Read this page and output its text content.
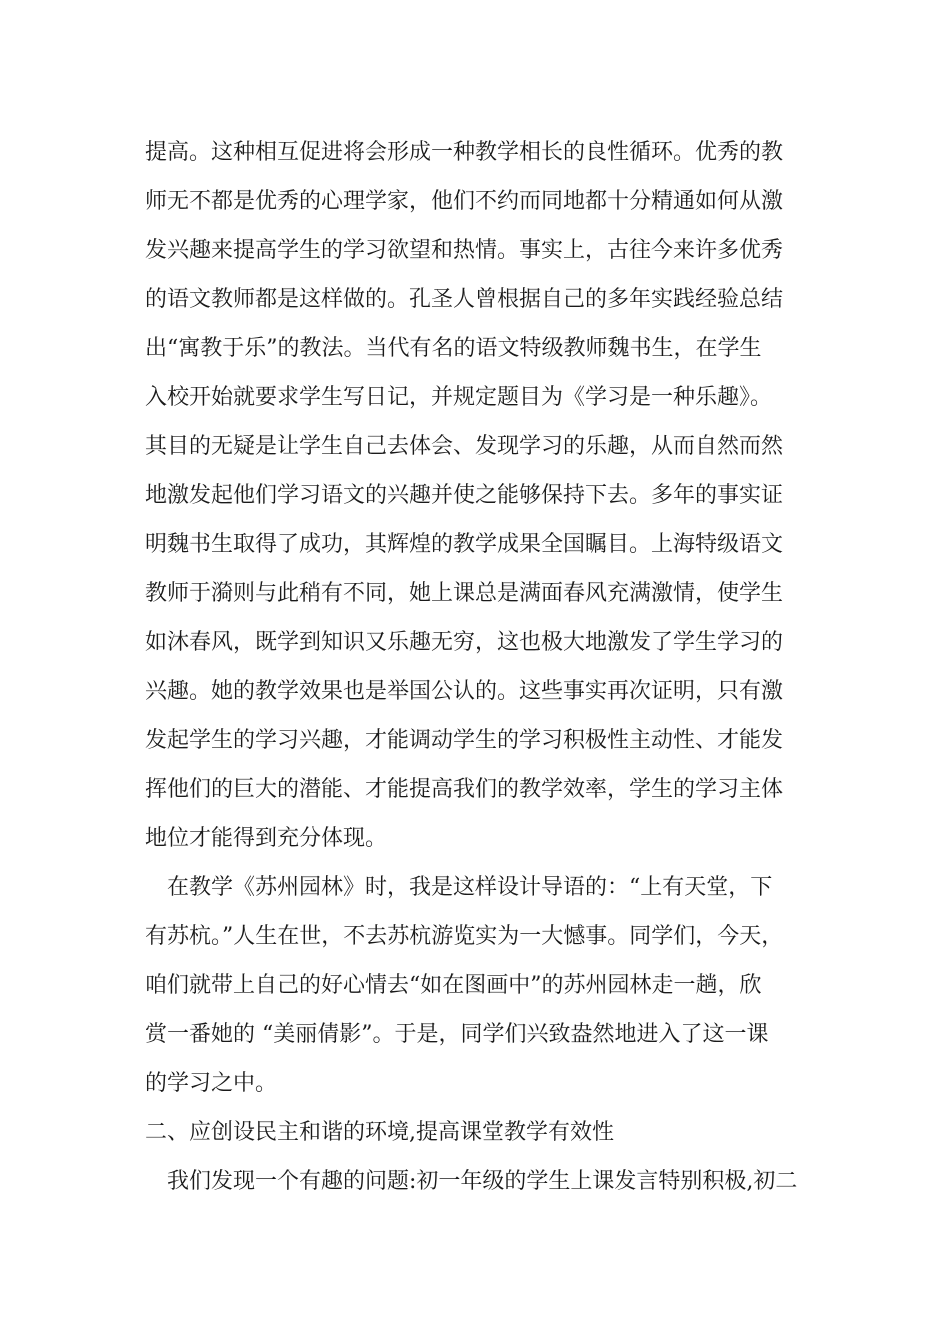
提高。这种相互促进将会形成一种教学相长的良性循环。优秀的教
师无不都是优秀的心理学家，他们不约而同地都十分精通如何从激
发兴趣来提高学生的学习欲望和热情。事实上，古往今来许多优秀
的语文教师都是这样做的。孔圣人曾根据自己的多年实践经验总结
出“寓教于乐”的教法。当代有名的语文特级教师魏书生，在学生
入校开始就要求学生写日记，并规定题目为《学习是一种乐趣》。
其目的无疑是让学生自己去体会、发现学习的乐趣，从而自然而然
地激发起他们学习语文的兴趣并使之能够保持下去。多年的事实证
明魏书生取得了成功，其辉煌的教学成果全国瞩目。上海特级语文
教师于漪则与此稍有不同，她上课总是满面春风充满激情，使学生
如沐春风，既学到知识又乐趣无穷，这也极大地激发了学生学习的
兴趣。她的教学效果也是举国公认的。这些事实再次证明，只有激
发起学生的学习兴趣，才能调动学生的学习积极性主动性、才能发
挥他们的巨大的潜能、才能提高我们的教学效率，学生的学习主体
地位才能得到充分体现。
在教学《苏州园林》时，我是这样设计导语的：“上有天堂，下
有苏杭。”人生在世，不去苏杭游览实为一大憾事。同学们，今天，
咱们就带上自己的好心情去“如在图画中”的苏州园林走一趟，欣
赏一番她的 “美丽倩影”。于是，同学们兴致盎然地进入了这一课
的学习之中。
二、应创设民主和谐的环境,提高课堂教学有效性
我们发现一个有趣的问题:初一年级的学生上课发言特别积极,初二
